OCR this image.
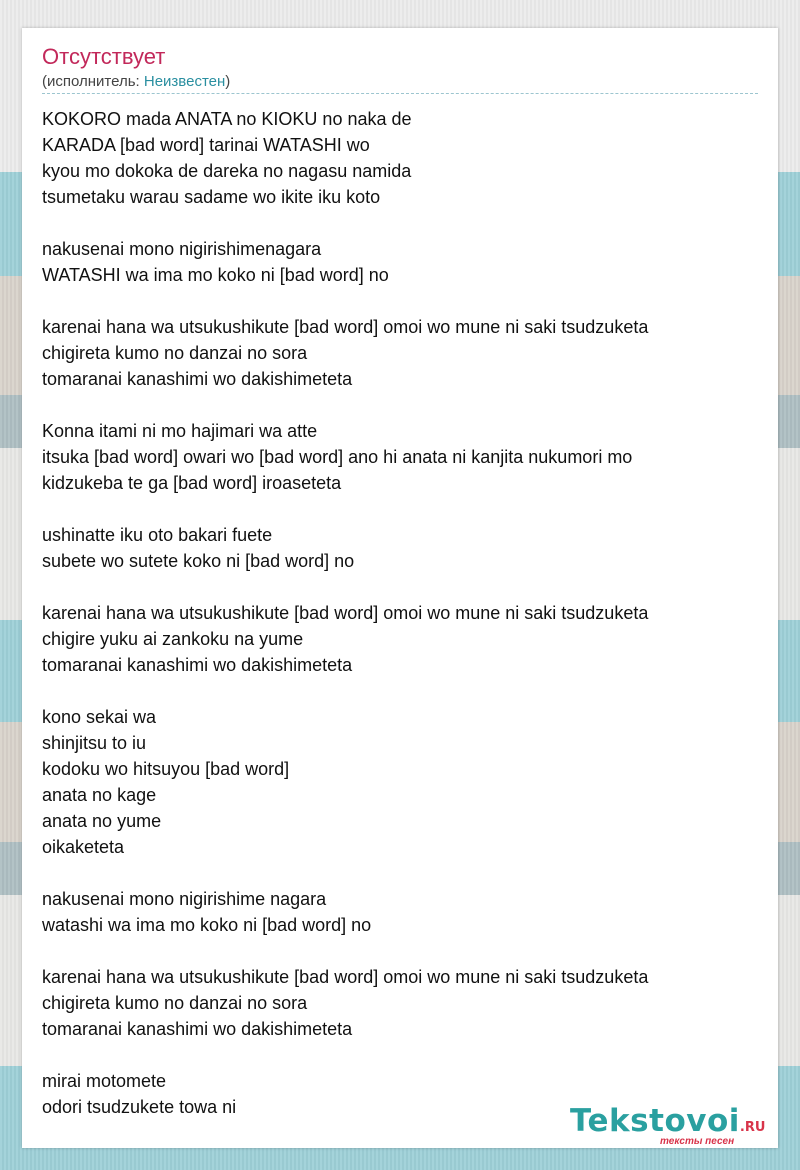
Отсутствует
(исполнитель: Неизвестен)
KOKORO mada ANATA no KIOKU no naka de
KARADA [bad word] tarinai WATASHI wo
kyou mo dokoka de dareka no nagasu namida
tsumetaku warau sadame wo ikite iku koto
nakusenai mono nigirishimenagara
WATASHI wa ima mo koko ni [bad word] no
karenai hana wa utsukushikute [bad word] omoi wo mune ni saki tsudzuketa
chigireta kumo no danzai no sora
tomaranai kanashimi wo dakishimeteta
Konna itami ni mo hajimari wa atte
itsuka [bad word] owari wo [bad word] ano hi anata ni kanjita nukumori mo
kidzukeba te ga [bad word] iroaseteta
ushinatte iku oto bakari fuete
subete wo sutete koko ni [bad word] no
karenai hana wa utsukushikute [bad word] omoi wo mune ni saki tsudzuketa
chigire yuku ai zankoku na yume
tomaranai kanashimi wo dakishimeteta
kono sekai wa
shinjitsu to iu
kodoku wo hitsuyou [bad word]
anata no kage
anata no yume
oikaketeta
nakusenai mono nigirishime nagara
watashi wa ima mo koko ni [bad word] no
karenai hana wa utsukushikute [bad word] omoi wo mune ni saki tsudzuketa
chigireta kumo no danzai no sora
tomaranai kanashimi wo dakishimeteta
mirai motomete
odori tsudzukete towa ni	Tekstovoi.RU
тексты песен
